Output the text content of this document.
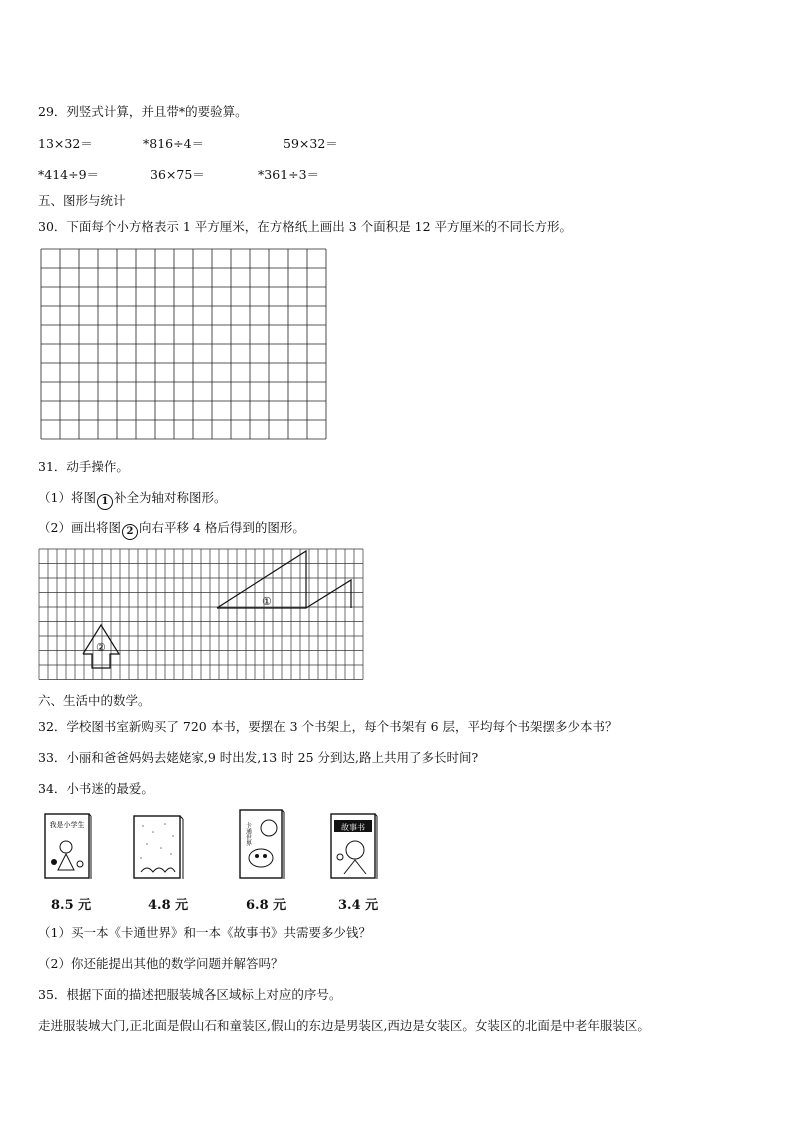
29．列竖式计算，并且带*的要验算。
13×32＝	*816÷4＝	59×32＝
*414÷9＝	36×75＝	*361÷3＝
五、图形与统计
30．下面每个小方格表示 1 平方厘米，在方格纸上画出 3 个面积是 12 平方厘米的不同长方形。
31．动手操作。
（1）将图 1 补全为轴对称图形。
（2）画出将图 2 向右平移 4 格后得到的图形。
①
②
六、生活中的数学。
32．学校图书室新购买了 720 本书，要摆在 3 个书架上，每个书架有 6 层，平均每个书架摆多少本书？
33．小丽和爸爸妈妈去姥姥家,9 时出发,13 时 25 分到达,路上共用了多长时间?
34．小书迷的最爱。
我是小学生	卡通世界	故事书
8.5 元	4.8 元	6.8 元	3.4 元
（1）买一本《卡通世界》和一本《故事书》共需要多少钱？
（2）你还能提出其他的数学问题并解答吗？
35．根据下面的描述把服装城各区域标上对应的序号。
走进服装城大门,正北面是假山石和童装区,假山的东边是男装区,西边是女装区。女装区的北面是中老年服装区。
